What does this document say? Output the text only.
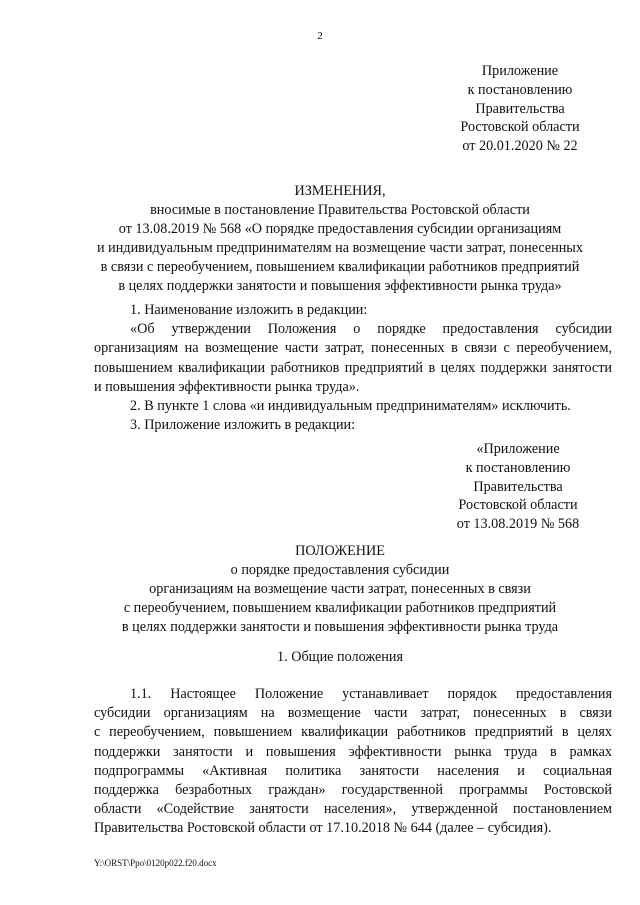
2
Приложение
к постановлению
Правительства
Ростовской области
от 20.01.2020 № 22
ИЗМЕНЕНИЯ,
вносимые в постановление Правительства Ростовской области
от 13.08.2019 № 568 «О порядке предоставления субсидии организациям
и индивидуальным предпринимателям на возмещение части затрат, понесенных
в связи с переобучением, повышением квалификации работников предприятий
в целях поддержки занятости и повышения эффективности рынка труда»

1. Наименование изложить в редакции:

«Об утверждении Положения о порядке предоставления субсидии
организациям на возмещение части затрат, понесенных в связи с переобучением,
повышением квалификации работников предприятий в целях поддержки занятости
и повышения эффективности рынка труда».

2. В пункте 1 слова «и индивидуальным предпринимателям» исключить.

3. Приложение изложить в редакции:

«Приложение
к постановлению
Правительства
Ростовской области
от 13.08.2019 № 568
ПОЛОЖЕНИЕ
о порядке предоставления субсидии
организациям на возмещение части затрат, понесенных в связи
с переобучением, повышением квалификации работников предприятий
в целях поддержки занятости и повышения эффективности рынка труда
1. Общие положения
1.1. Настоящее Положение устанавливает порядок предоставления
субсидии организациям на возмещение части затрат, понесенных в связи
с переобучением, повышением квалификации работников предприятий в целях
поддержки занятости и повышения эффективности рынка труда в рамках
подпрограммы «Активная политика занятости населения и социальная
поддержка безработных граждан» государственной программы Ростовской
области «Содействие занятости населения», утвержденной постановлением
Правительства Ростовской области от 17.10.2018 № 644 (далее – субсидия).
Y:\ORST\Ppo\0120p022.f20.docx
